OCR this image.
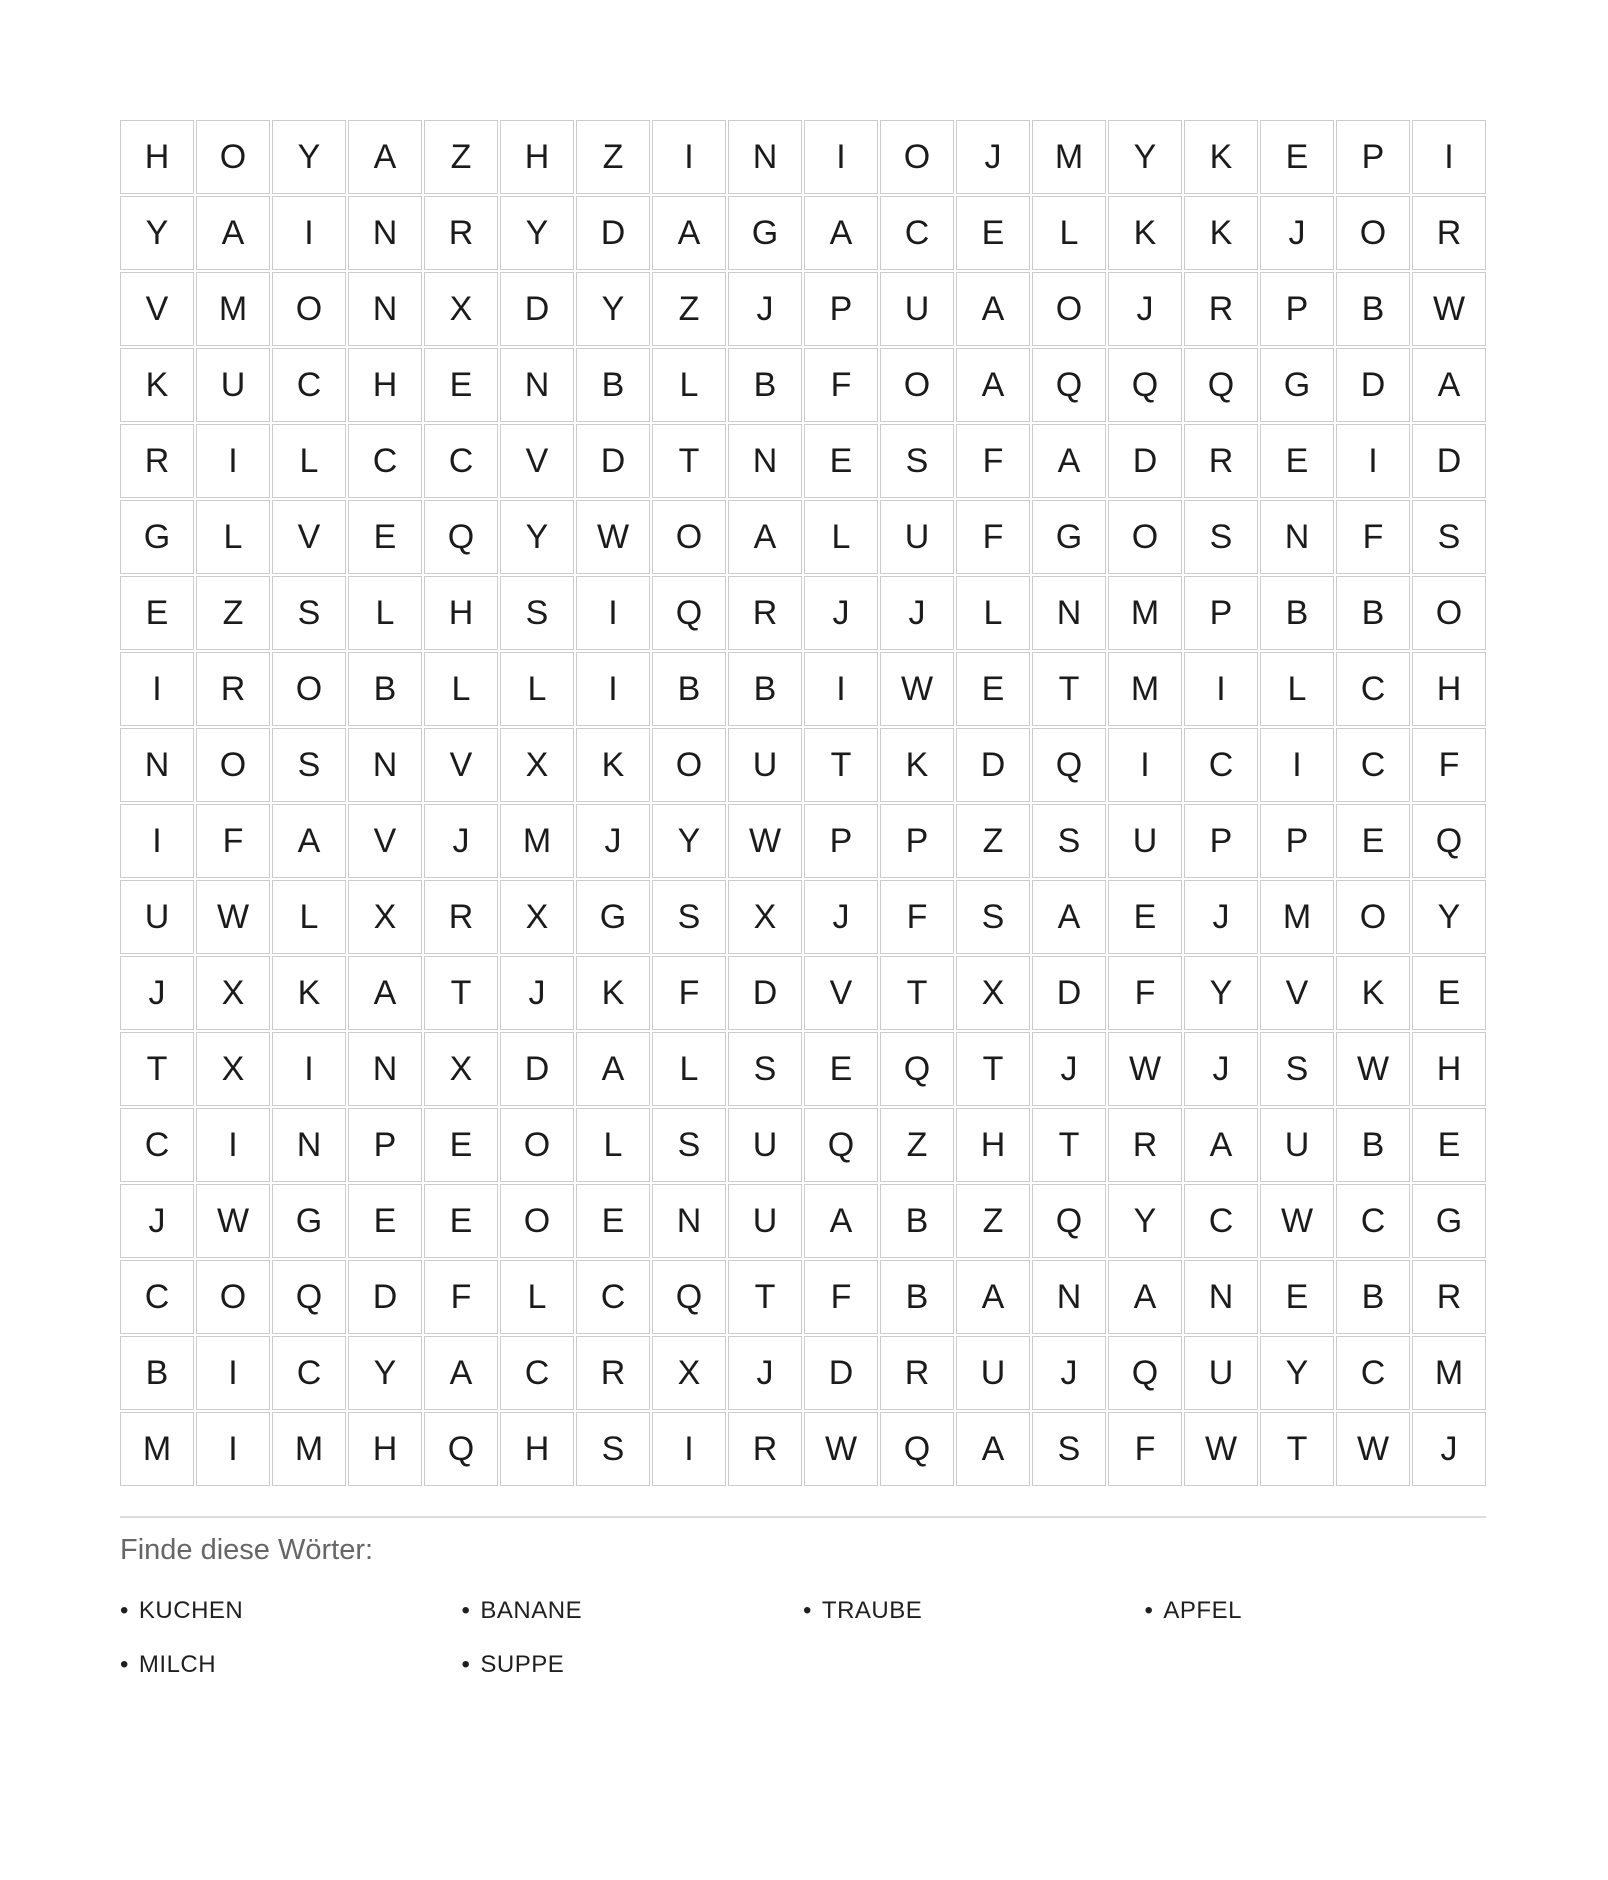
H	O	Y	A	Z	H	Z	I	N	I	O	J	M	Y	K	E	P	I
Y	A	I	N	R	Y	D	A	G	A	C	E	L	K	K	J	O	R
V	M	O	N	X	D	Y	Z	J	P	U	A	O	J	R	P	B	W
K	U	C	H	E	N	B	L	B	F	O	A	Q	Q	Q	G	D	A
R	I	L	C	C	V	D	T	N	E	S	F	A	D	R	E	I	D
G	L	V	E	Q	Y	W	O	A	L	U	F	G	O	S	N	F	S
E	Z	S	L	H	S	I	Q	R	J	J	L	N	M	P	B	B	O
I	R	O	B	L	L	I	B	B	I	W	E	T	M	I	L	C	H
N	O	S	N	V	X	K	O	U	T	K	D	Q	I	C	I	C	F
I	F	A	V	J	M	J	Y	W	P	P	Z	S	U	P	P	E	Q
U	W	L	X	R	X	G	S	X	J	F	S	A	E	J	M	O	Y
J	X	K	A	T	J	K	F	D	V	T	X	D	F	Y	V	K	E
T	X	I	N	X	D	A	L	S	E	Q	T	J	W	J	S	W	H
C	I	N	P	E	O	L	S	U	Q	Z	H	T	R	A	U	B	E
J	W	G	E	E	O	E	N	U	A	B	Z	Q	Y	C	W	C	G
C	O	Q	D	F	L	C	Q	T	F	B	A	N	A	N	E	B	R
B	I	C	Y	A	C	R	X	J	D	R	U	J	Q	U	Y	C	M
M	I	M	H	Q	H	S	I	R	W	Q	A	S	F	W	T	W	J
Finde diese Wörter:
• KUCHEN	• BANANE	• TRAUBE	• APFEL
• MILCH	• SUPPE
